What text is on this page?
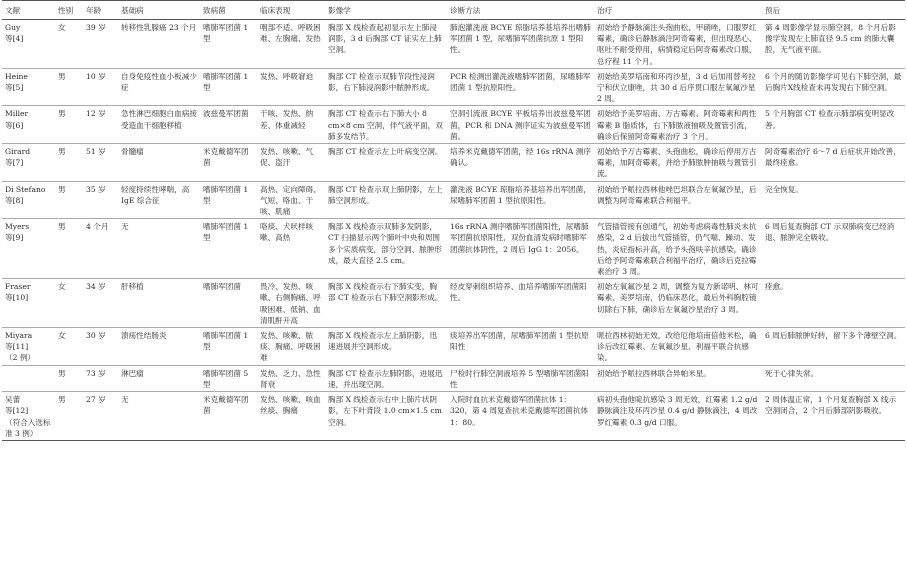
文献	性别	年龄	基础病	致病菌	临床表现	影像学	诊断方法	治疗	预后
Guy
等[4]	女	39 岁	转移性乳腺癌 23 个月	嗜肺军团菌 1 型	咽部不适、呼吸困难、左胸痛、发热	胸部 X 线检查起初显示左上肺浸润影，3 d 后胸部 CT 证实左上肺空洞。	肺泡灌洗液 BCYE 琼脂培养基培养出嗜肺军团菌 1 型，尿嗜肺军团菌抗原 1 型阳性。	初始给予静脉滴注头孢曲松、甲硝唑，口服罗红霉素，确诊后静脉滴注阿奇霉素，但出现恶心、呕吐不耐受停用，病情稳定后阿奇霉素改口服，总疗程 11 个月。	第 4 周影像学显示肺空洞，8 个月后影像学发现左上肺直径 9.5 cm 的肺大囊腔，无气液平面。
Heine
等[5]	男	10 岁	自身免疫性血小板减少症	嗜肺军团菌 1 型	发热、呼吸窘迫	胸部 CT 检查示双肺节段性浸润影，右下肺浸润影中脓肿形成。	PCR 检测出灌洗液嗜肺军团菌，尿嗜肺军团菌 1 型抗原阳性。	初始给美罗培南和环丙沙星，3 d 后加用替考拉宁和伏立康唑，共 30 d 后序贯口服左氧氟沙星 2 周。	6 个月的随访影像学可见右下肺空洞，最后胸片X线检查未再发现右下肺空洞。
Miller
等[6]	男	12 岁	急性淋巴细胞白血病接受造血干细胞移植	波兹曼军团菌	干咳、发热、纳差、体重减轻	胸部 CT 检查示右下肺大小 8 cm×8 cm 空洞，伴气液平面，双肺多发结节。	空洞引流液 BCYE 平板培养出波兹曼军团菌，PCR 和 DNA 测序证实为波兹曼军团菌。	初始给予美罗培南、万古霉素、阿奇霉素和两性霉素 B 脂质体，右下肺脓液抽吸及置管引流，确诊后保留阿奇霉素治疗 3 个月。	5 个月胸部 CT 检查示肺部病变明显改善。
Girard
等[7]	男	51 岁	骨髓瘤	米克戴德军团菌	发热、咳嗽、气促、盗汗	胸部 CT 检查示左上叶病变空洞。	培养米克戴德军团菌，经 16s rRNA 测序确认。	初始给予万古霉素、头孢曲松，确诊后停用万古霉素，加阿奇霉素，并给予肺脓肿抽吸与置管引流。	阿奇霉素治疗 6～7 d 后症状开始改善，最终痊愈。
Di Stefano
等[8]	男	35 岁	轻度持续性哮喘，高 IgE 综合征	嗜肺军团菌 1 型	高热、定向障碍、气短、咯血、干咳、肌痛	胸部 CT 检查示双上肺阴影，左上肺空洞形成。	灌洗液 BCYE 琼脂培养基培养出军团菌，尿嗜肺军团菌 1 型抗原阳性。	初始给予哌拉西林他唑巴坦联合左氧氟沙星，后调整为阿奇霉素联合利福平。	完全恢复。
Myers
等[9]	男	4 个月	无	嗜肺军团菌 1 型	咯痰、犬吠样咳嗽、高热	胸部 X 线检查示双肺多发阴影，CT 扫描显示两个肺叶中央和周围多个实质病变，部分空洞、脓肿形成，最大直径 2.5 cm。	16s rRNA 测序嗜肺军团菌阳性，尿嗜肺军团菌抗原阳性，双份血清发病时嗜肺军团菌抗体阴性，2 周后 IgG 1：2056。	气管插管接有创通气，初始考虑病毒性肺炎未抗感染，2 d 后拔出气管插管，仍气喘、躁动、发热，炎症指标升高，给予头孢呋辛抗感染，确诊后给予阿奇霉素联合利福平治疗，确诊后克拉霉素治疗 3 周。	6 周后复查胸部 CT 示双肺病变已经消退、脓肿完全吸收。
Fraser
等[10]	女	34 岁	肝移植	嗜肺军团菌	畏冷、发热、咳嗽、右侧胸痛、呼吸困难、低钠、血清肌酐升高	胸部 X 线检查示右下肺实变，胸部 CT 检查示右下肺空洞影形成。	经皮穿刺组织培养、血培养嗜肺军团菌阳性。	初始左氧氟沙星 2 周，调整为复方新诺明、林可霉素、美罗培南，仍临床恶化，最后外科胸腔镜切除右下肺，确诊后左氧氟沙星治疗 3 周。	痊愈。
Miyara
等[11]
（2 例）	女	30 岁	溃疡性结肠炎	嗜肺军团菌 1 型	发热、咳嗽、脓痰、胸痛、呼吸困难	胸部 X 线检查示左上肺阴影，迅速进展并空洞形成。	痰培养出军团菌，尿嗜肺军团菌 1 型抗原阳性	哌拉西林初始无效，改给厄他培南倍他米松，确诊后改红霉素、左氧氟沙星、利福平联合抗感染。	6 周后肺脓肿好转，留下多个薄壁空洞。
	男	73 岁	淋巴瘤	嗜肺军团菌 5 型	发热、乏力、急性肾衰	胸部 CT 检查示左肺阴影，进展迅速，并出现空洞。	尸检时行肺空洞液培养 5 型嗜肺军团菌阳性	初始给予哌拉西林联合异帕米星。	死于心律失常。
吴蕾
等[12]
（符合入选标准 3 例）	男	27 岁	无	米克戴德军团菌	发热、咳嗽、咳血丝痰、胸痛	胸部 X 线检查示右中上肺片状阴影，左下叶背段 1.0 cm×1.5 cm 空洞。	入院时血抗米克戴德军团菌抗体 1：320，第 4 周复查抗米克戴德军团菌抗体 1：80。	病初头孢他啶抗感染 3 周无效，红霉素 1.2 g/d 静脉滴注及环丙沙星 0.4 g/d 静脉滴注，4 周改罗红霉素 0.3 g/d 口服。	2 周体温正常，1 个月复查胸部 X 线示空洞闭合，2 个月后肺部阴影吸收。
